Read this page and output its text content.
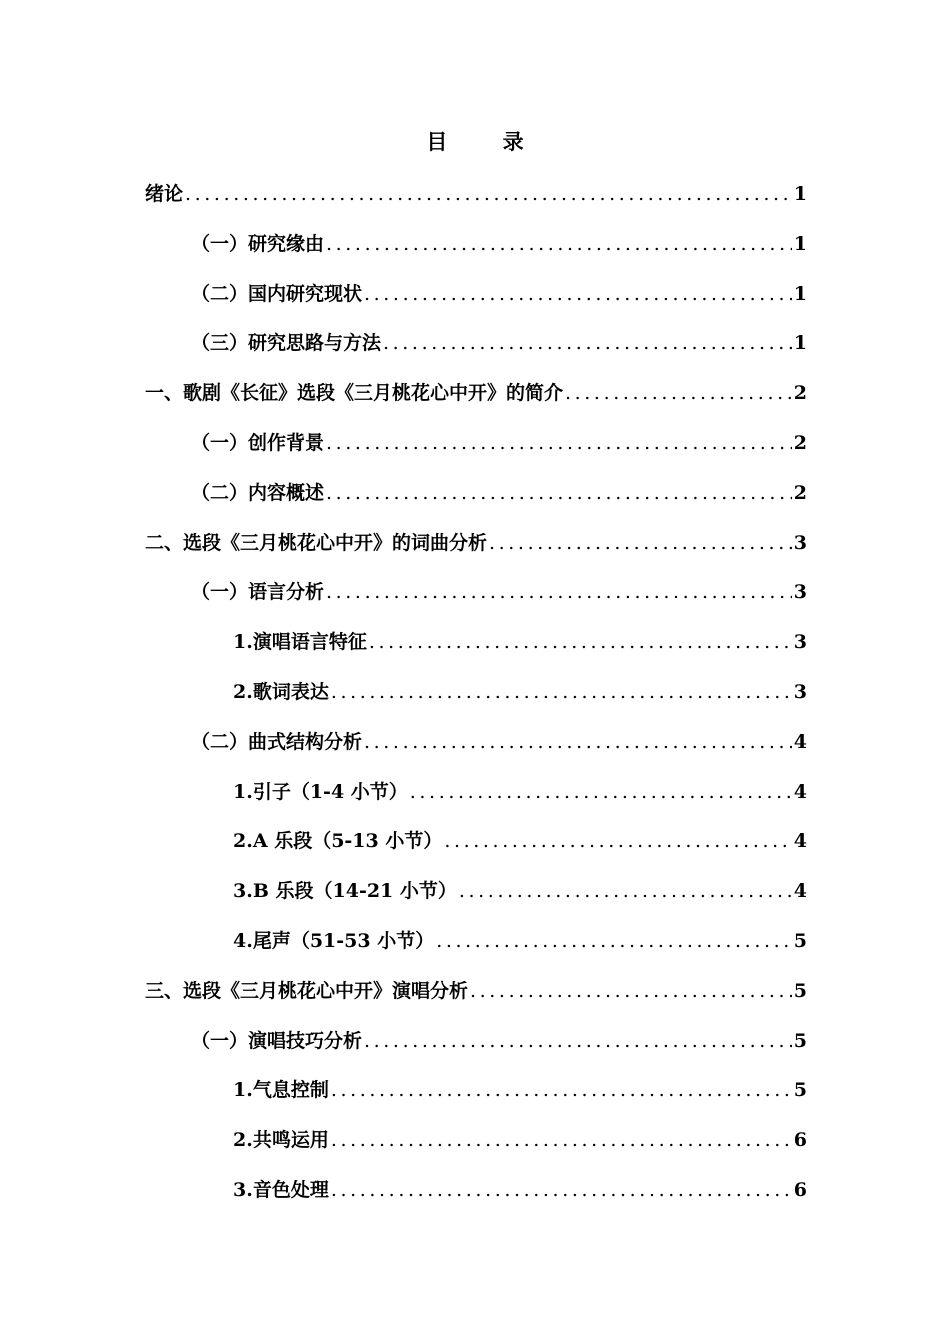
目 录
绪论 .....	1
（一）研究缘由 .....	1
（二）国内研究现状 .....	1
（三）研究思路与方法 .....	1
一、歌剧《长征》选段《三月桃花心中开》的简介 .....	2
（一）创作背景 .....	2
（二）内容概述 .....	2
二、选段《三月桃花心中开》的词曲分析 .....	3
（一）语言分析 .....	3
1.演唱语言特征 .....	3
2.歌词表达 .....	3
（二）曲式结构分析 .....	4
1.引子（1-4 小节） .....	4
2.A 乐段（5-13 小节） .....	4
3.B 乐段（14-21 小节） .....	4
4.尾声（51-53 小节） .....	5
三、选段《三月桃花心中开》演唱分析 .....	5
（一）演唱技巧分析 .....	5
1.气息控制 .....	5
2.共鸣运用 .....	6
3.音色处理 .....	6
